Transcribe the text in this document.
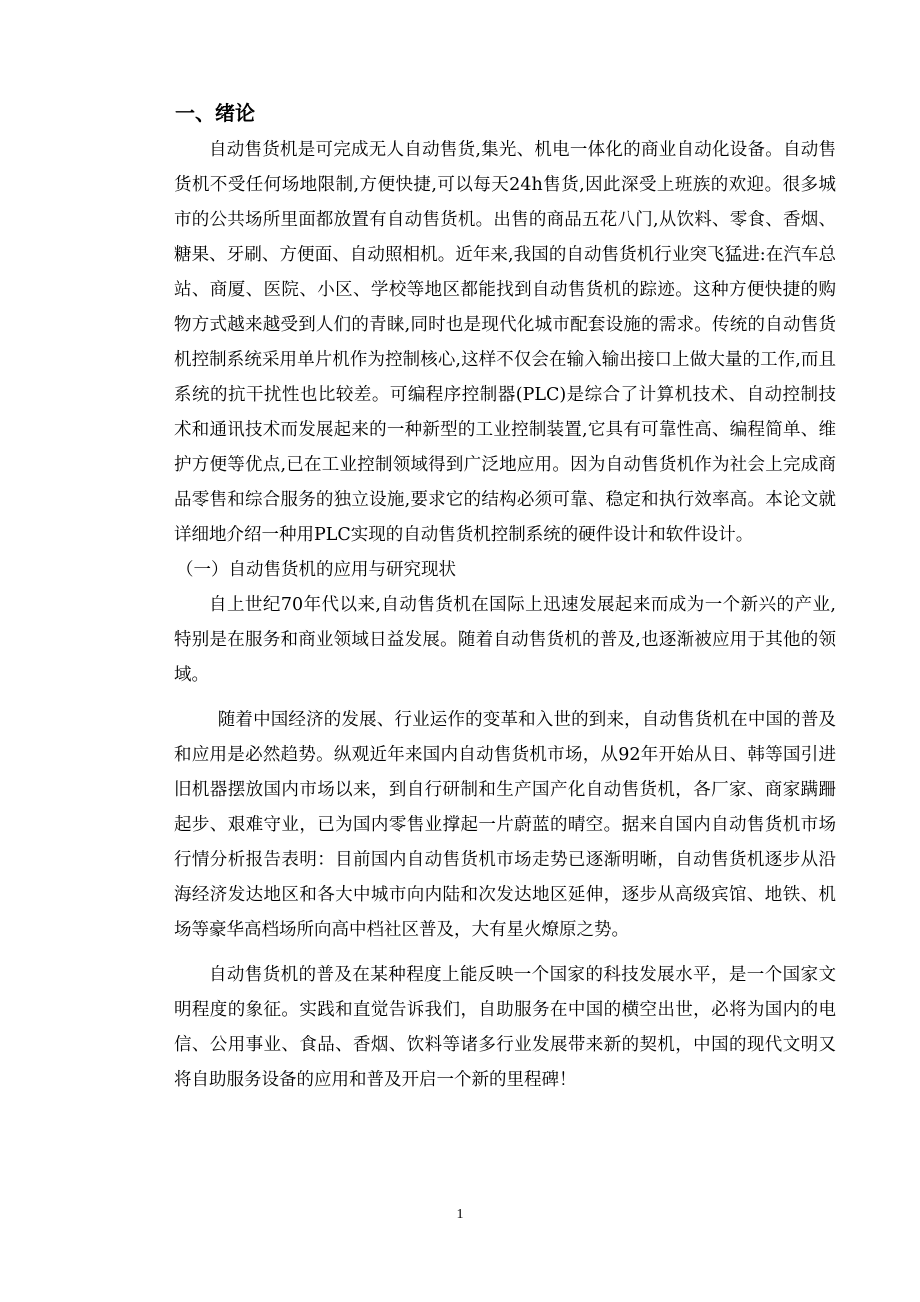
一、绪论

自动售货机是可完成无人自动售货,集光、机电一体化的商业自动化设备。自动售货机不受任何场地限制,方便快捷,可以每天24h售货,因此深受上班族的欢迎。很多城市的公共场所里面都放置有自动售货机。出售的商品五花八门,从饮料、零食、香烟、糖果、牙刷、方便面、自动照相机。近年来,我国的自动售货机行业突飞猛进:在汽车总站、商厦、医院、小区、学校等地区都能找到自动售货机的踪迹。这种方便快捷的购物方式越来越受到人们的青睐,同时也是现代化城市配套设施的需求。传统的自动售货机控制系统采用单片机作为控制核心,这样不仅会在输入输出接口上做大量的工作,而且系统的抗干扰性也比较差。可编程序控制器(PLC)是综合了计算机技术、自动控制技术和通讯技术而发展起来的一种新型的工业控制装置,它具有可靠性高、编程简单、维护方便等优点,已在工业控制领域得到广泛地应用。因为自动售货机作为社会上完成商品零售和综合服务的独立设施,要求它的结构必须可靠、稳定和执行效率高。本论文就详细地介绍一种用PLC实现的自动售货机控制系统的硬件设计和软件设计。

（一）自动售货机的应用与研究现状

自上世纪70年代以来,自动售货机在国际上迅速发展起来而成为一个新兴的产业,特别是在服务和商业领域日益发展。随着自动售货机的普及,也逐渐被应用于其他的领域。

随着中国经济的发展、行业运作的变革和入世的到来，自动售货机在中国的普及和应用是必然趋势。纵观近年来国内自动售货机市场，从92年开始从日、韩等国引进旧机器摆放国内市场以来，到自行研制和生产国产化自动售货机，各厂家、商家蹒跚起步、艰难守业，已为国内零售业撑起一片蔚蓝的晴空。据来自国内自动售货机市场行情分析报告表明：目前国内自动售货机市场走势已逐渐明晰，自动售货机逐步从沿海经济发达地区和各大中城市向内陆和次发达地区延伸，逐步从高级宾馆、地铁、机场等豪华高档场所向高中档社区普及，大有星火燎原之势。

自动售货机的普及在某种程度上能反映一个国家的科技发展水平，是一个国家文明程度的象征。实践和直觉告诉我们，自助服务在中国的横空出世，必将为国内的电信、公用事业、食品、香烟、饮料等诸多行业发展带来新的契机，中国的现代文明又将自助服务设备的应用和普及开启一个新的里程碑！

1
